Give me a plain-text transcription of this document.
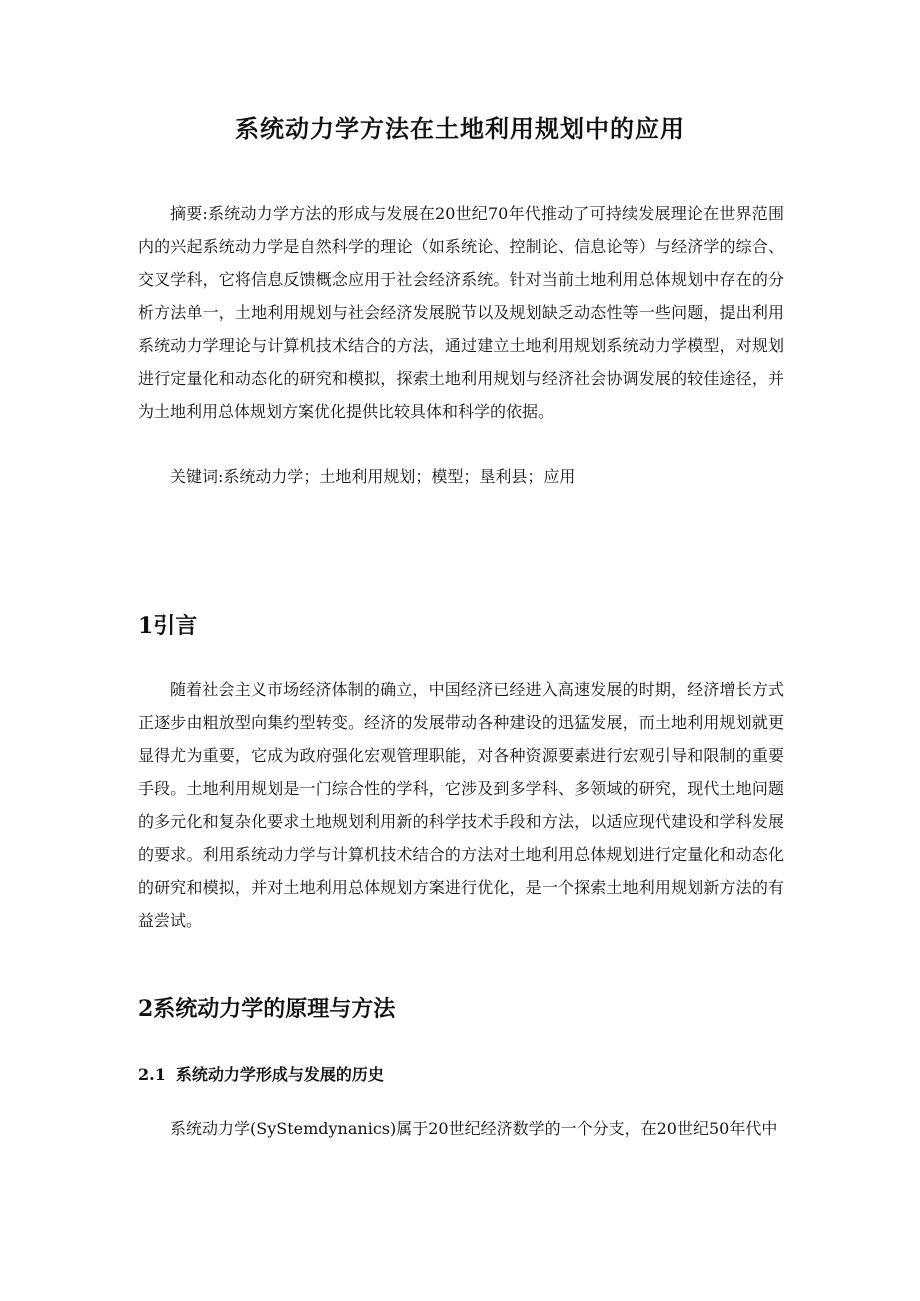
系统动力学方法在土地利用规划中的应用

摘要:系统动力学方法的形成与发展在20世纪70年代推动了可持续发展理论在世界范围内的兴起系统动力学是自然科学的理论（如系统论、控制论、信息论等）与经济学的综合、交叉学科，它将信息反馈概念应用于社会经济系统。针对当前土地利用总体规划中存在的分析方法单一，土地利用规划与社会经济发展脱节以及规划缺乏动态性等一些问题，提出利用系统动力学理论与计算机技术结合的方法，通过建立土地利用规划系统动力学模型，对规划进行定量化和动态化的研究和模拟，探索土地利用规划与经济社会协调发展的较佳途径，并为土地利用总体规划方案优化提供比较具体和科学的依据。

关键词:系统动力学；土地利用规划；模型；垦利县；应用

1引言

随着社会主义市场经济体制的确立，中国经济已经进入高速发展的时期，经济增长方式正逐步由粗放型向集约型转变。经济的发展带动各种建设的迅猛发展，而土地利用规划就更显得尤为重要，它成为政府强化宏观管理职能，对各种资源要素进行宏观引导和限制的重要手段。土地利用规划是一门综合性的学科，它涉及到多学科、多领域的研究，现代土地问题的多元化和复杂化要求土地规划利用新的科学技术手段和方法，以适应现代建设和学科发展的要求。利用系统动力学与计算机技术结合的方法对土地利用总体规划进行定量化和动态化的研究和模拟，并对土地利用总体规划方案进行优化，是一个探索土地利用规划新方法的有益尝试。

2系统动力学的原理与方法
2.1 系统动力学形成与发展的历史

系统动力学(SyStemdynanics)属于20世纪经济数学的一个分支，在20世纪50年代中
